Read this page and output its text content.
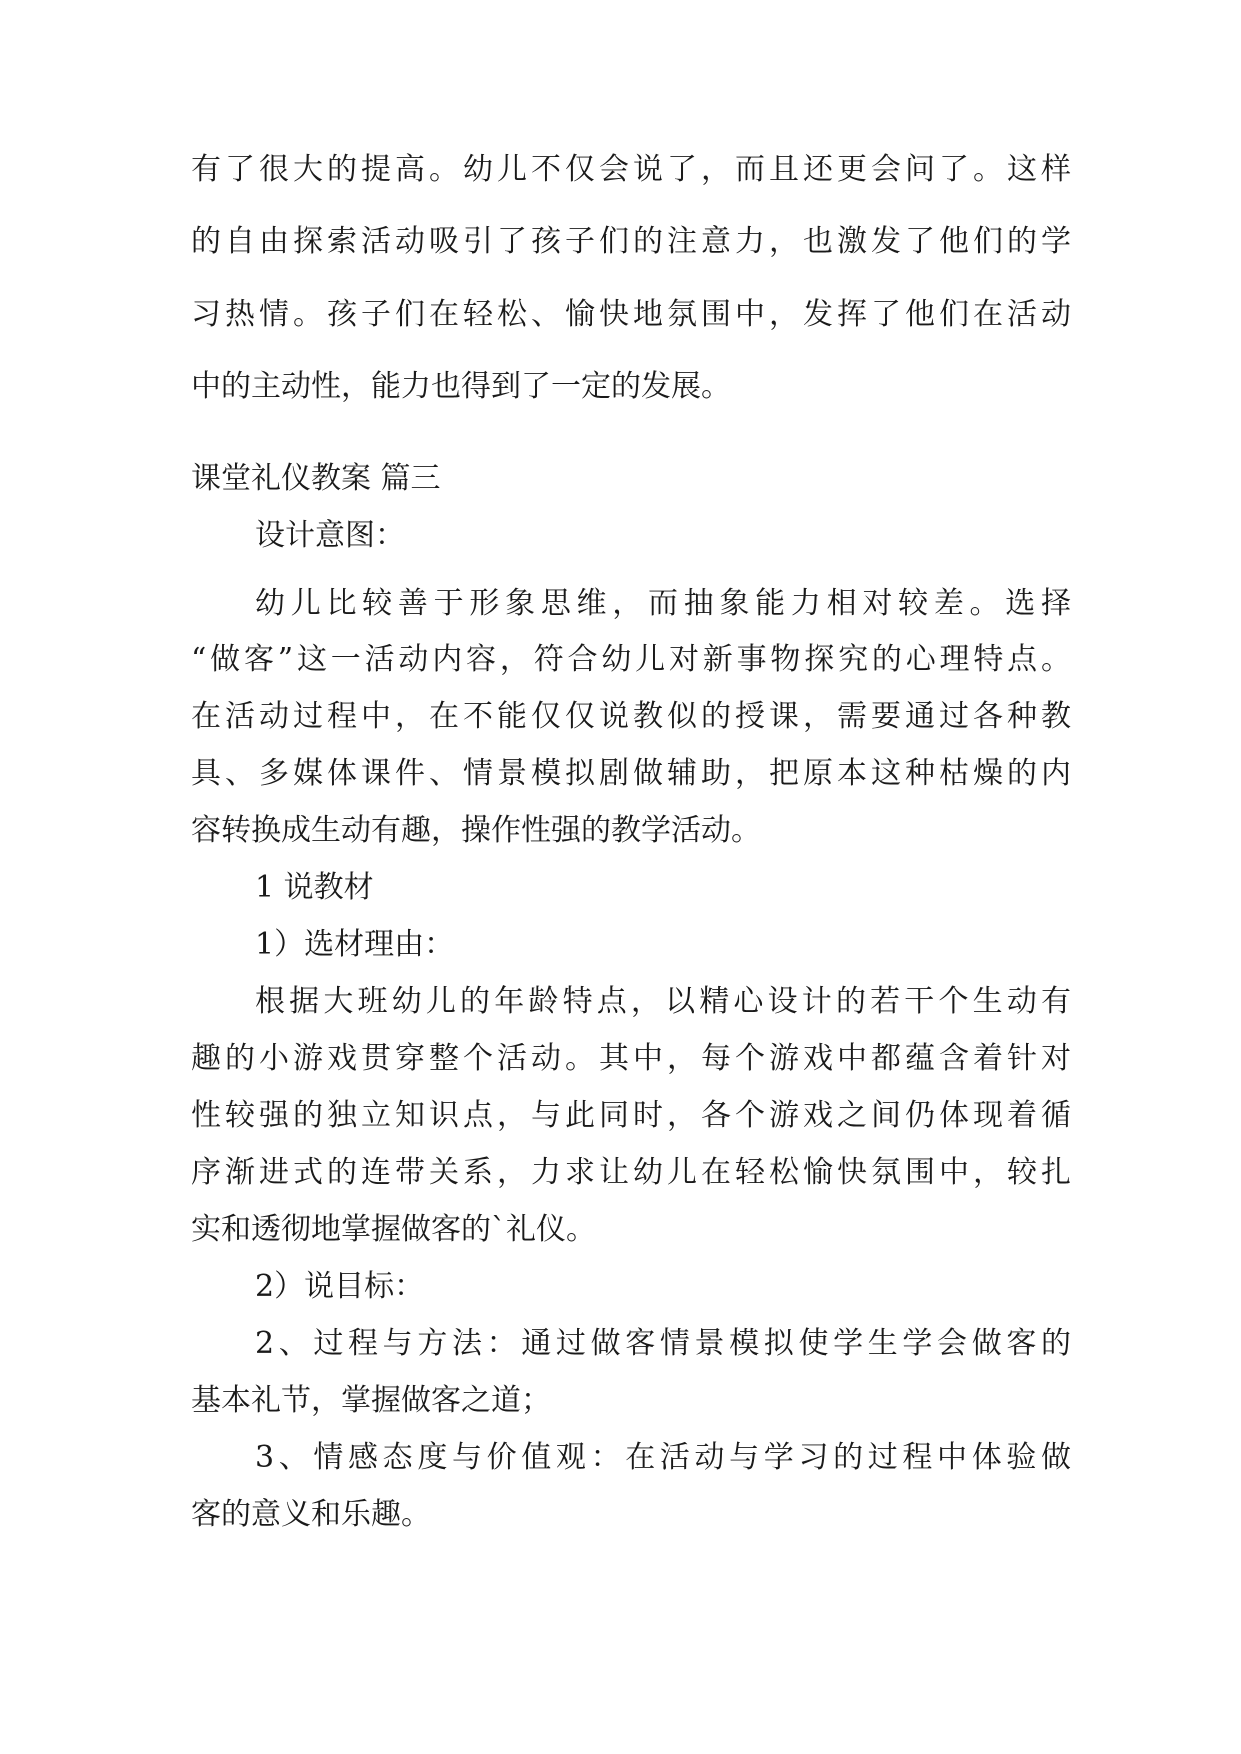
有了很大的提高。幼儿不仅会说了，而且还更会问了。这样
的自由探索活动吸引了孩子们的注意力，也激发了他们的学
习热情。孩子们在轻松、愉快地氛围中，发挥了他们在活动
中的主动性，能力也得到了一定的发展。
课堂礼仪教案 篇三
设计意图：
幼儿比较善于形象思维，而抽象能力相对较差。选择
“做客”这一活动内容，符合幼儿对新事物探究的心理特点。
在活动过程中，在不能仅仅说教似的授课，需要通过各种教
具、多媒体课件、情景模拟剧做辅助，把原本这种枯燥的内
容转换成生动有趣，操作性强的教学活动。
1 说教材
1）选材理由：
根据大班幼儿的年龄特点，以精心设计的若干个生动有
趣的小游戏贯穿整个活动。其中，每个游戏中都蕴含着针对
性较强的独立知识点，与此同时，各个游戏之间仍体现着循
序渐进式的连带关系，力求让幼儿在轻松愉快氛围中，较扎
实和透彻地掌握做客的`礼仪。
2）说目标：
2、过程与方法：通过做客情景模拟使学生学会做客的
基本礼节，掌握做客之道；
3、情感态度与价值观：在活动与学习的过程中体验做
客的意义和乐趣。
